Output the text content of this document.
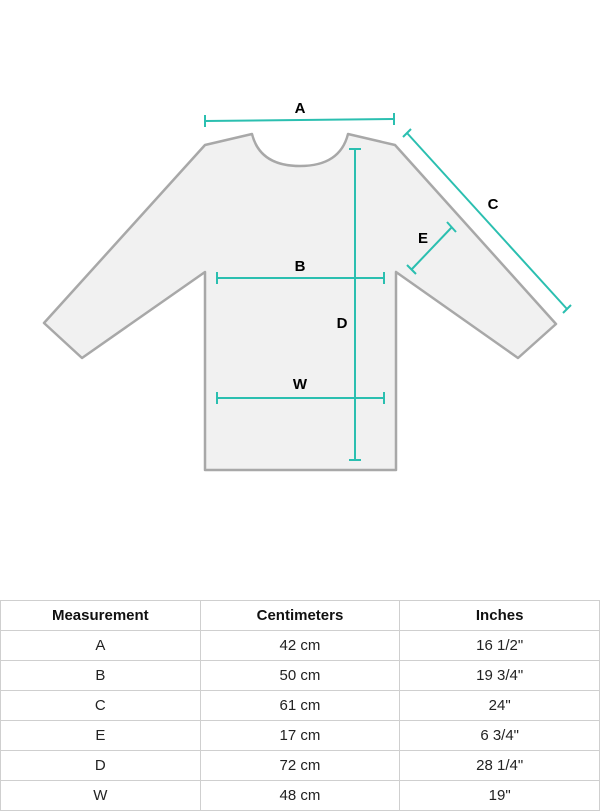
A
C
E
B
D
W
Measurement	Centimeters	Inches
A	42 cm	16 1/2"
B	50 cm	19 3/4"
C	61 cm	24"
E	17 cm	6 3/4"
D	72 cm	28 1/4"
W	48 cm	19"
